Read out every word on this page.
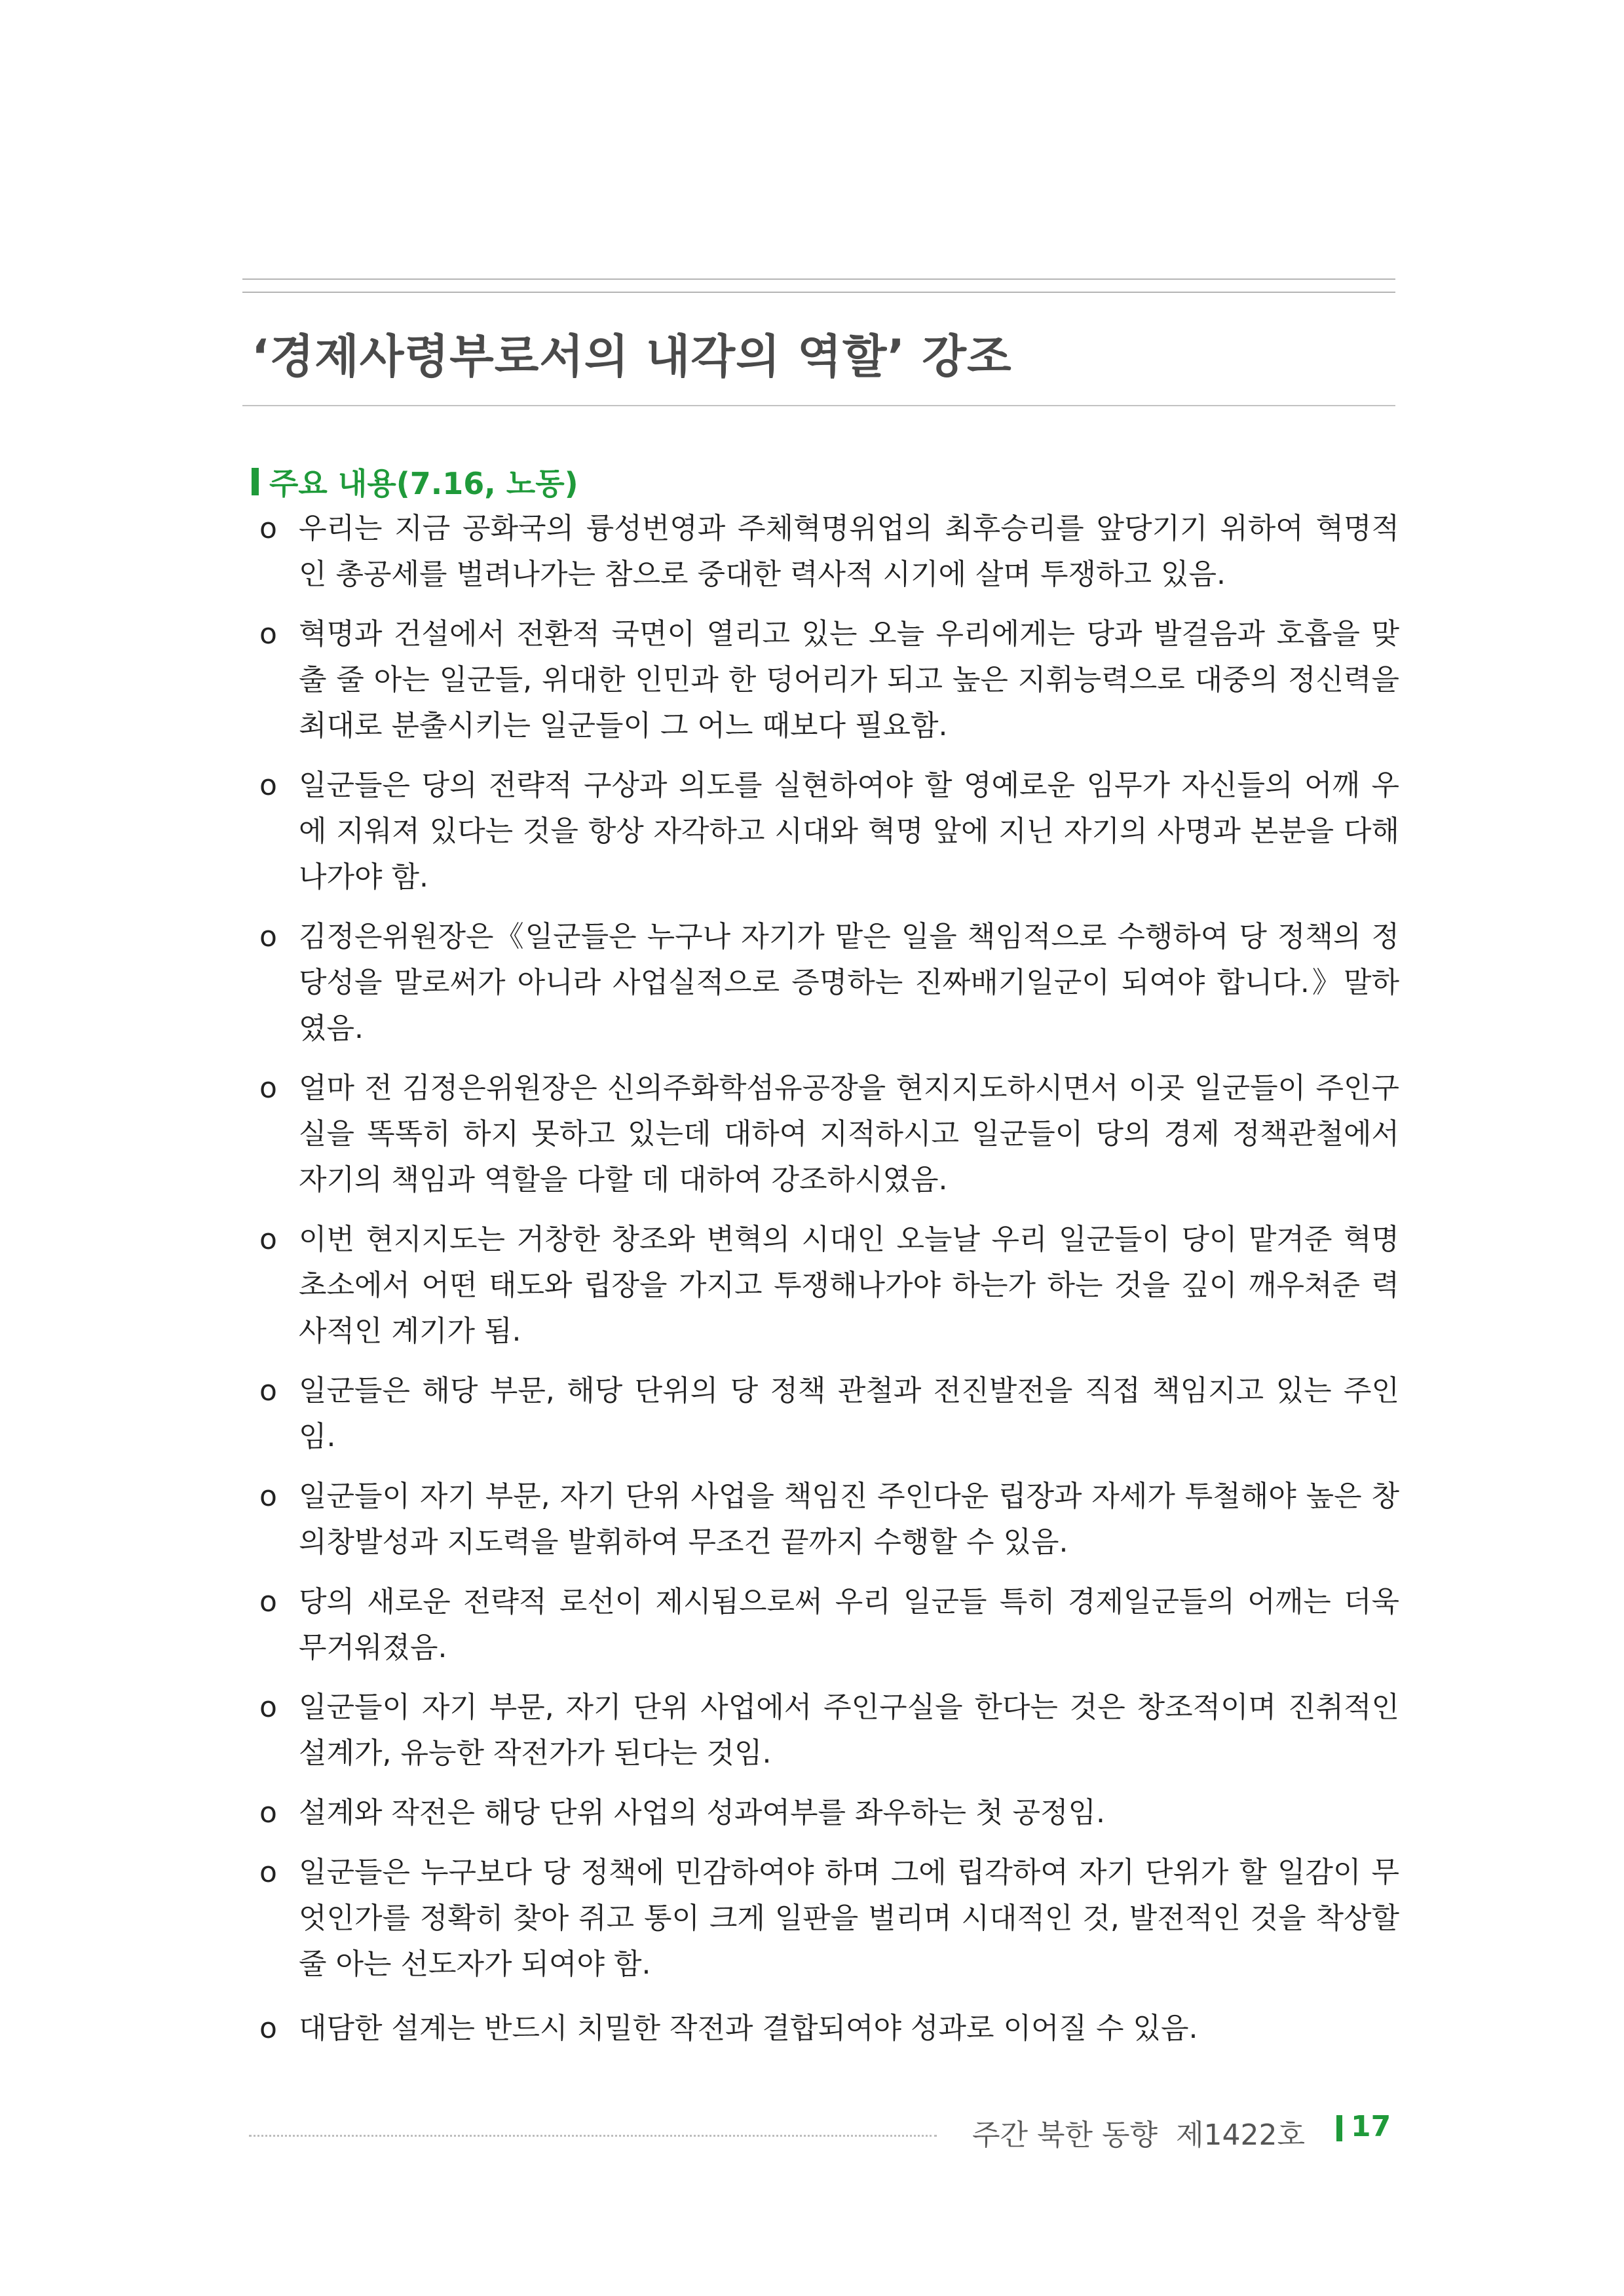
‘경제사령부로서의 내각의 역할’ 강조
주요 내용(7.16, 노동)
o 우리는 지금 공화국의 륭성번영과 주체혁명위업의 최후승리를 앞당기기 위하여 혁명적인 총공세를 벌려나가는 참으로 중대한 력사적 시기에 살며 투쟁하고 있음.
o 혁명과 건설에서 전환적 국면이 열리고 있는 오늘 우리에게는 당과 발걸음과 호흡을 맞출 줄 아는 일군들, 위대한 인민과 한 덩어리가 되고 높은 지휘능력으로 대중의 정신력을 최대로 분출시키는 일군들이 그 어느 때보다 필요함.
o 일군들은 당의 전략적 구상과 의도를 실현하여야 할 영예로운 임무가 자신들의 어깨 우에 지워져 있다는 것을 항상 자각하고 시대와 혁명 앞에 지닌 자기의 사명과 본분을 다해나가야 함.
o 김정은위원장은《일군들은 누구나 자기가 맡은 일을 책임적으로 수행하여 당 정책의 정당성을 말로써가 아니라 사업실적으로 증명하는 진짜배기일군이 되여야 합니다.》말하였음.
o 얼마 전 김정은위원장은 신의주화학섬유공장을 현지지도하시면서 이곳 일군들이 주인구실을 똑똑히 하지 못하고 있는데 대하여 지적하시고 일군들이 당의 경제 정책관철에서 자기의 책임과 역할을 다할 데 대하여 강조하시였음.
o 이번 현지지도는 거창한 창조와 변혁의 시대인 오늘날 우리 일군들이 당이 맡겨준 혁명초소에서 어떤 태도와 립장을 가지고 투쟁해나가야 하는가 하는 것을 깊이 깨우쳐준 력사적인 계기가 됨.
o 일군들은 해당 부문, 해당 단위의 당 정책 관철과 전진발전을 직접 책임지고 있는 주인임.
o 일군들이 자기 부문, 자기 단위 사업을 책임진 주인다운 립장과 자세가 투철해야 높은 창의창발성과 지도력을 발휘하여 무조건 끝까지 수행할 수 있음.
o 당의 새로운 전략적 로선이 제시됨으로써 우리 일군들 특히 경제일군들의 어깨는 더욱 무거워졌음.
o 일군들이 자기 부문, 자기 단위 사업에서 주인구실을 한다는 것은 창조적이며 진취적인 설계가, 유능한 작전가가 된다는 것임.
o 설계와 작전은 해당 단위 사업의 성과여부를 좌우하는 첫 공정임.
o 일군들은 누구보다 당 정책에 민감하여야 하며 그에 립각하여 자기 단위가 할 일감이 무엇인가를 정확히 찾아 쥐고 통이 크게 일판을 벌리며 시대적인 것, 발전적인 것을 착상할 줄 아는 선도자가 되여야 함.
o 대담한 설계는 반드시 치밀한 작전과 결합되여야 성과로 이어질 수 있음.
주간 북한 동향  제1422호 17
